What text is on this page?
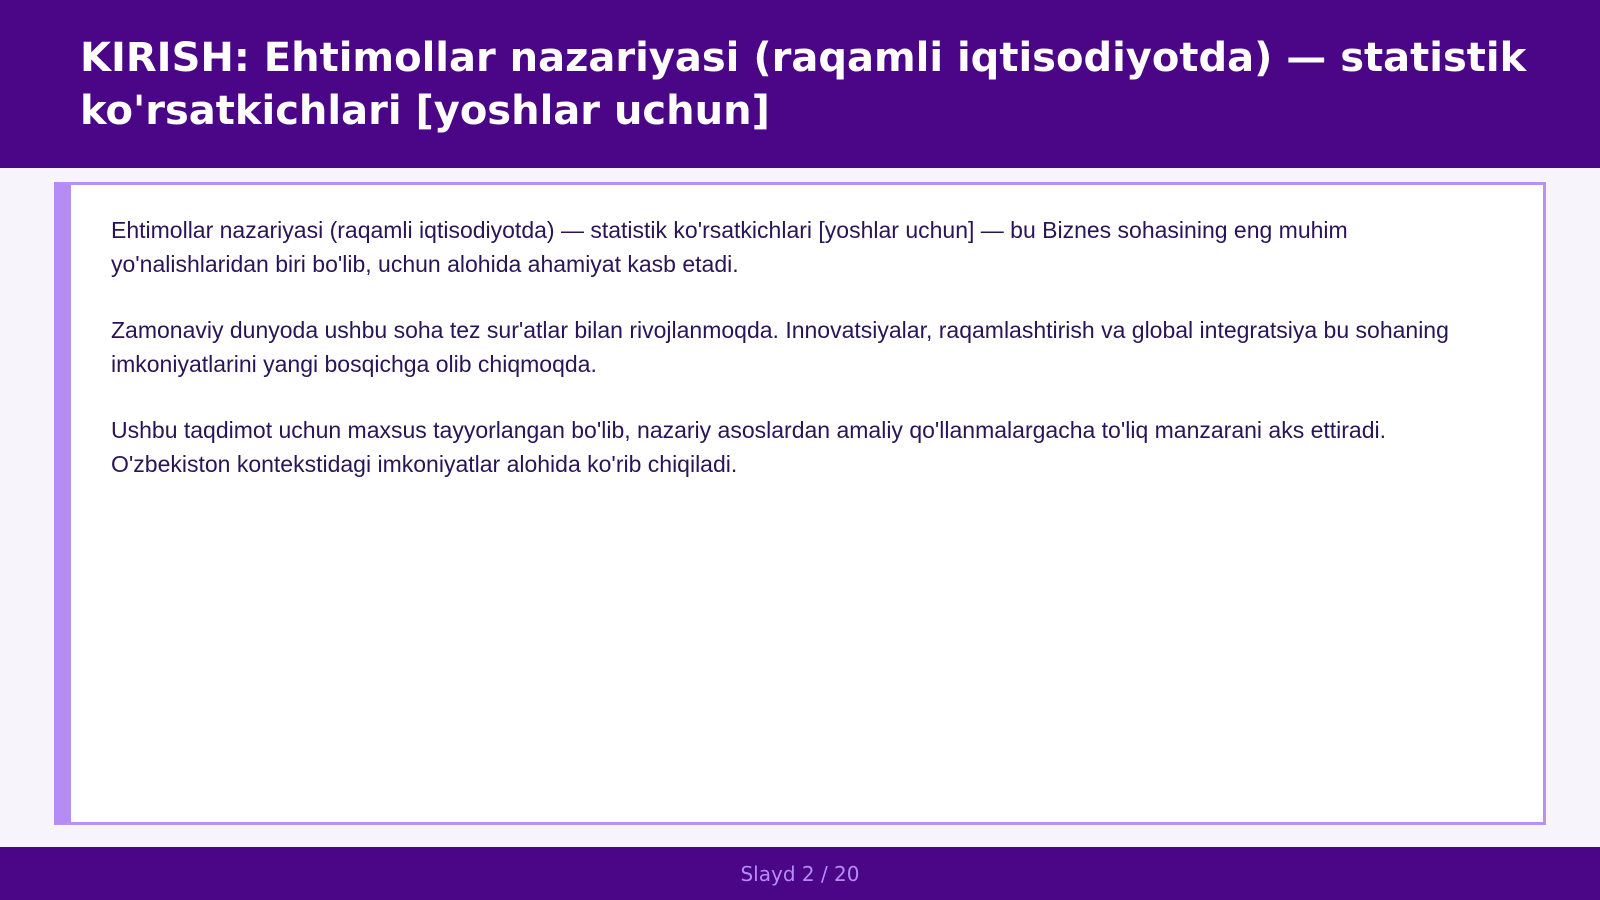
KIRISH: Ehtimollar nazariyasi (raqamli iqtisodiyotda) — statistik ko'rsatkichlari [yoshlar uchun]

Ehtimollar nazariyasi (raqamli iqtisodiyotda) — statistik ko'rsatkichlari [yoshlar uchun] — bu Biznes sohasining eng muhim yo'nalishlaridan biri bo'lib, uchun alohida ahamiyat kasb etadi.

Zamonaviy dunyoda ushbu soha tez sur'atlar bilan rivojlanmoqda. Innovatsiyalar, raqamlashtirish va global integratsiya bu sohaning imkoniyatlarini yangi bosqichga olib chiqmoqda.

Ushbu taqdimot uchun maxsus tayyorlangan bo'lib, nazariy asoslardan amaliy qo'llanmalargacha to'liq manzarani aks ettiradi. O'zbekiston kontekstidagi imkoniyatlar alohida ko'rib chiqiladi.

Slayd 2 / 20
